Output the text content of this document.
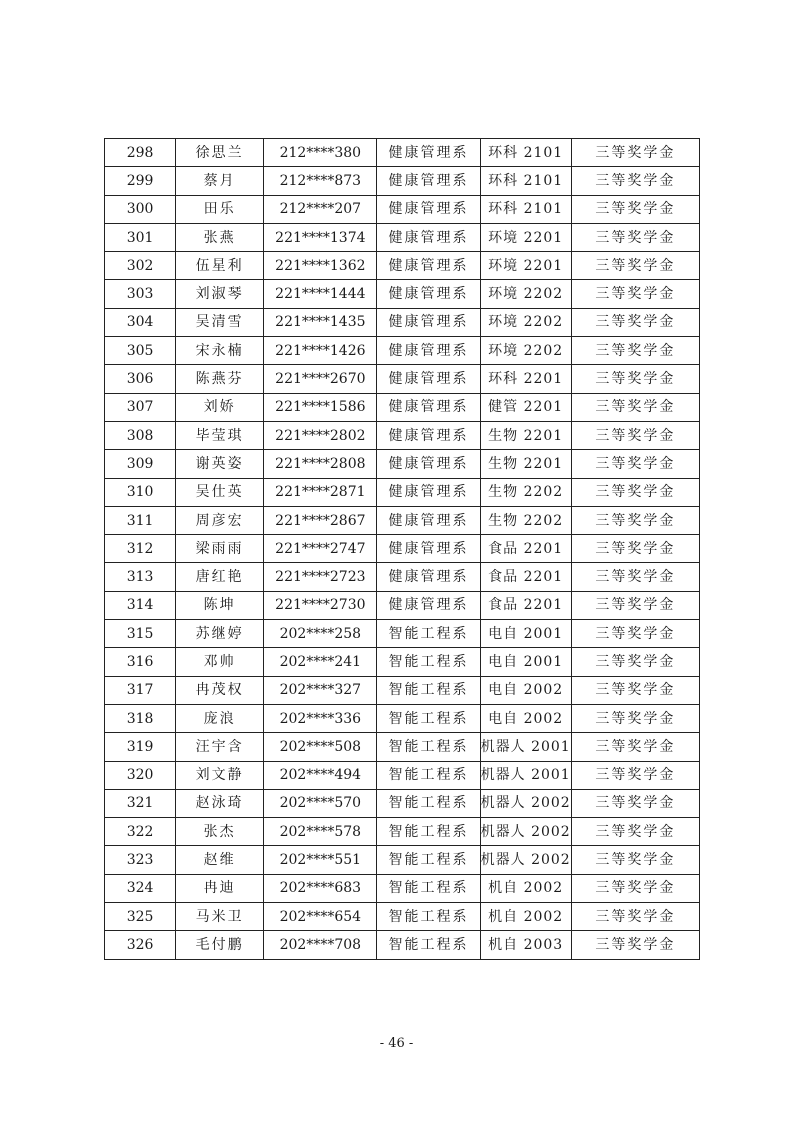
298	徐思兰	212****380	健康管理系	环科 2101	三等奖学金
299	蔡月	212****873	健康管理系	环科 2101	三等奖学金
300	田乐	212****207	健康管理系	环科 2101	三等奖学金
301	张燕	221****1374	健康管理系	环境 2201	三等奖学金
302	伍星利	221****1362	健康管理系	环境 2201	三等奖学金
303	刘淑琴	221****1444	健康管理系	环境 2202	三等奖学金
304	吴清雪	221****1435	健康管理系	环境 2202	三等奖学金
305	宋永楠	221****1426	健康管理系	环境 2202	三等奖学金
306	陈燕芬	221****2670	健康管理系	环科 2201	三等奖学金
307	刘娇	221****1586	健康管理系	健管 2201	三等奖学金
308	毕莹琪	221****2802	健康管理系	生物 2201	三等奖学金
309	谢英姿	221****2808	健康管理系	生物 2201	三等奖学金
310	吴仕英	221****2871	健康管理系	生物 2202	三等奖学金
311	周彦宏	221****2867	健康管理系	生物 2202	三等奖学金
312	梁雨雨	221****2747	健康管理系	食品 2201	三等奖学金
313	唐红艳	221****2723	健康管理系	食品 2201	三等奖学金
314	陈坤	221****2730	健康管理系	食品 2201	三等奖学金
315	苏继婷	202****258	智能工程系	电自 2001	三等奖学金
316	邓帅	202****241	智能工程系	电自 2001	三等奖学金
317	冉茂权	202****327	智能工程系	电自 2002	三等奖学金
318	庞浪	202****336	智能工程系	电自 2002	三等奖学金
319	汪宇含	202****508	智能工程系	机器人 2001	三等奖学金
320	刘文静	202****494	智能工程系	机器人 2001	三等奖学金
321	赵泳琦	202****570	智能工程系	机器人 2002	三等奖学金
322	张杰	202****578	智能工程系	机器人 2002	三等奖学金
323	赵维	202****551	智能工程系	机器人 2002	三等奖学金
324	冉迪	202****683	智能工程系	机自 2002	三等奖学金
325	马米卫	202****654	智能工程系	机自 2002	三等奖学金
326	毛付鹏	202****708	智能工程系	机自 2003	三等奖学金
- 46 -
